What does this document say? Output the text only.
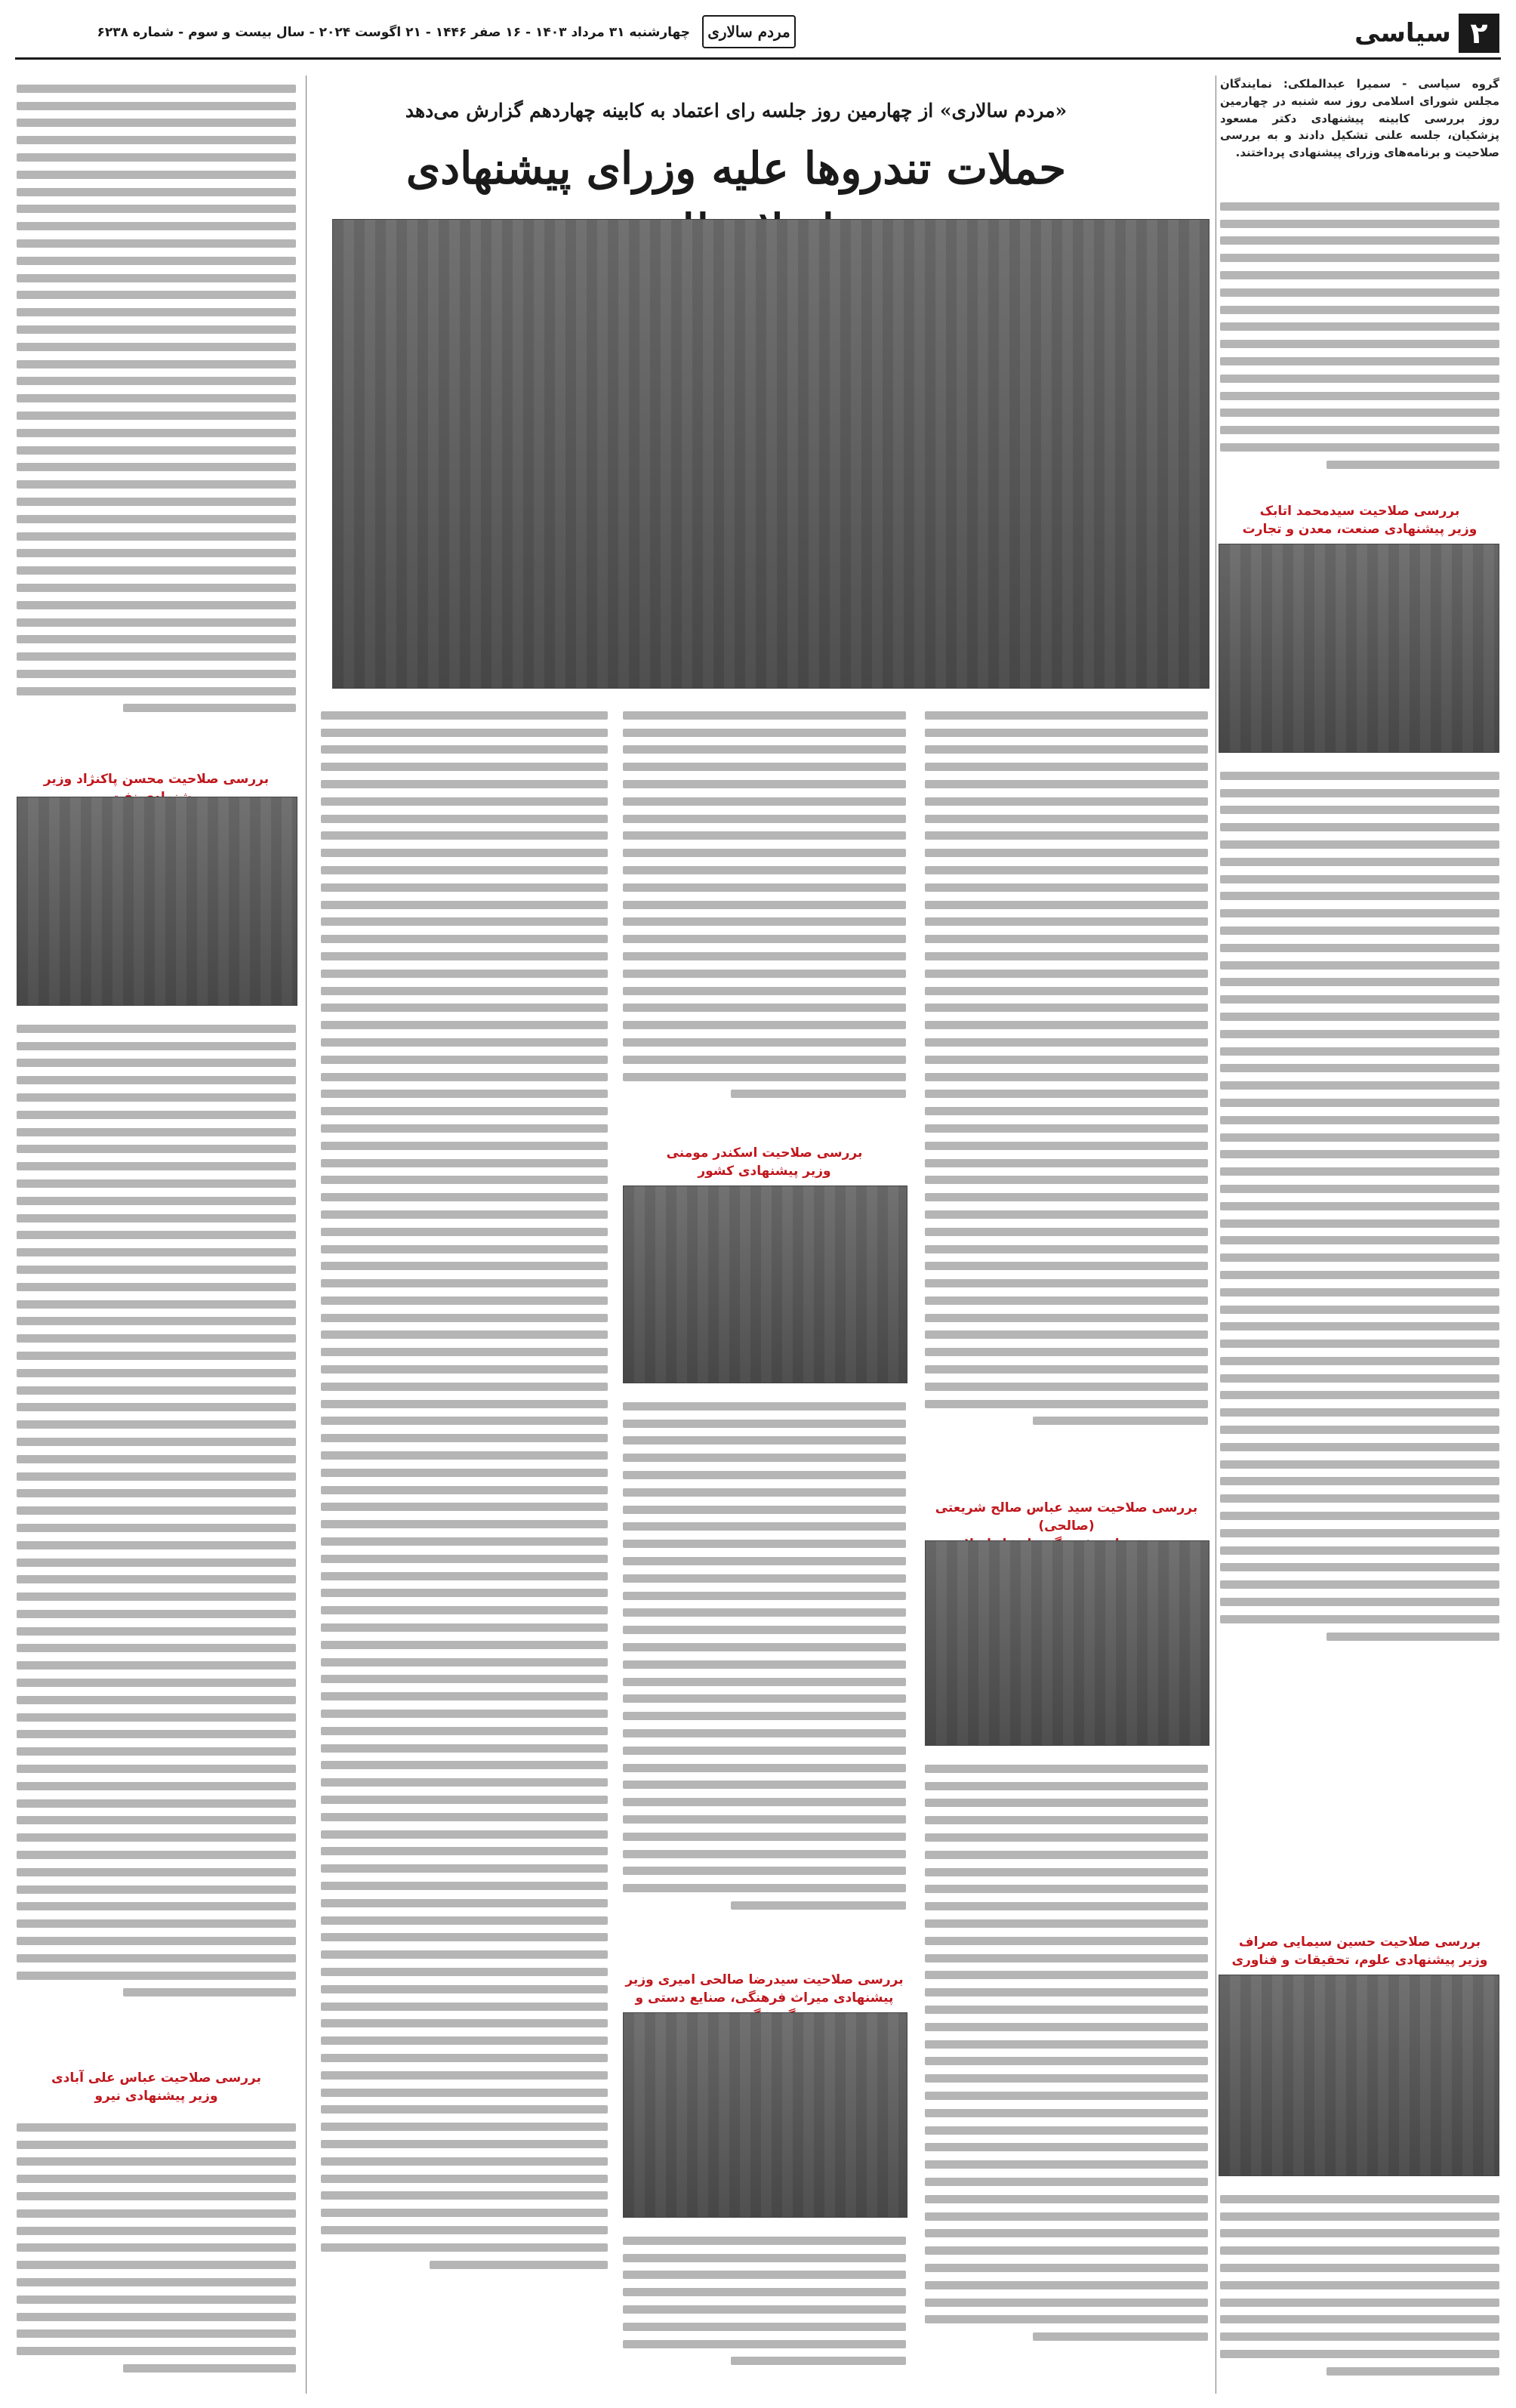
۲
سیاسی
مردم سالاری
چهارشنبه ۳۱ مرداد ۱۴۰۳ - ۱۶ صفر ۱۴۴۶ - ۲۱ اگوست ۲۰۲۴ - سال بیست و سوم - شماره ۶۲۳۸
«مردم سالاری» از چهارمین روز جلسه رای اعتماد به کابینه چهاردهم گزارش می‌دهد
حملات تندروها علیه وزرای پیشنهادی

گروه سیاسی - سمیرا عبدالملکی: نمایندگان مجلس شورای اسلامی روز سه شنبه در چهارمین روز بررسی کابینه پیشنهادی دکتر مسعود پزشکیان، جلسه علنی تشکیل دادند و به بررسی صلاحیت و برنامه‌های وزرای پیشنهادی پرداختند.

بررسی صلاحیت سیدمحمد اتابک
وزیر پیشنهادی صنعت، معدن و تجارت

بررسی صلاحیت حسین سیمایی صراف
وزیر پیشنهادی علوم، تحقیقات و فناوری

بررسی صلاحیت سید عباس صالح شریعتی (صالحی)

بررسی صلاحیت اسکندر مومنی
وزیر پیشنهادی کشور
بررسی صلاحیت سیدرضا صالحی امیری وزیر
پیشنهادی میراث فرهنگی، صنایع دستی و

بررسی صلاحیت محسن پاکنژاد وزیر

بررسی صلاحیت عباس علی آبادی
وزیر پیشنهادی نیرو
